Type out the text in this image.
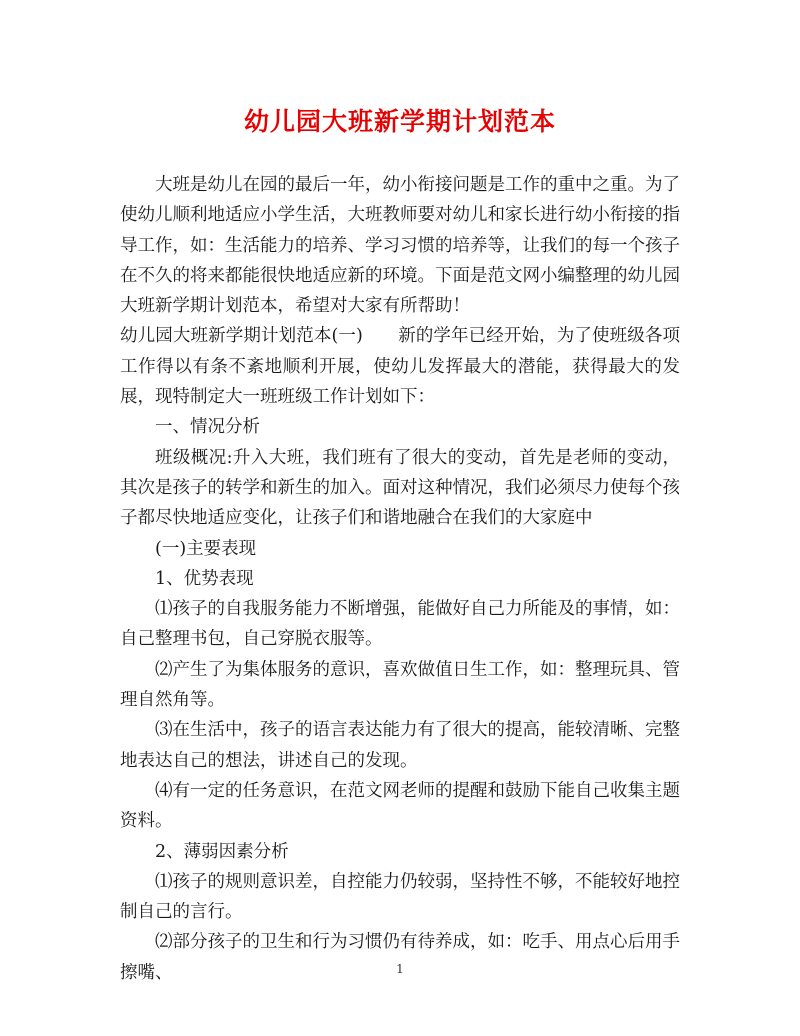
幼儿园大班新学期计划范本

大班是幼儿在园的最后一年，幼小衔接问题是工作的重中之重。为了使幼儿顺利地适应小学生活，大班教师要对幼儿和家长进行幼小衔接的指导工作，如：生活能力的培养、学习习惯的培养等，让我们的每一个孩子在不久的将来都能很快地适应新的环境。下面是范文网小编整理的幼儿园大班新学期计划范本，希望对大家有所帮助！

幼儿园大班新学期计划范本(一)　　新的学年已经开始，为了使班级各项工作得以有条不紊地顺利开展，使幼儿发挥最大的潜能，获得最大的发展，现特制定大一班班级工作计划如下：

一、情况分析

班级概况:升入大班，我们班有了很大的变动，首先是老师的变动，其次是孩子的转学和新生的加入。面对这种情况，我们必须尽力使每个孩子都尽快地适应变化，让孩子们和谐地融合在我们的大家庭中

(一)主要表现

1、优势表现

⑴孩子的自我服务能力不断增强，能做好自己力所能及的事情，如：自己整理书包，自己穿脱衣服等。

⑵产生了为集体服务的意识，喜欢做值日生工作，如：整理玩具、管理自然角等。

⑶在生活中，孩子的语言表达能力有了很大的提高，能较清晰、完整地表达自己的想法，讲述自己的发现。

⑷有一定的任务意识，在范文网老师的提醒和鼓励下能自己收集主题资料。

2、薄弱因素分析

⑴孩子的规则意识差，自控能力仍较弱，坚持性不够，不能较好地控制自己的言行。

⑵部分孩子的卫生和行为习惯仍有待养成，如：吃手、用点心后用手擦嘴、	1
